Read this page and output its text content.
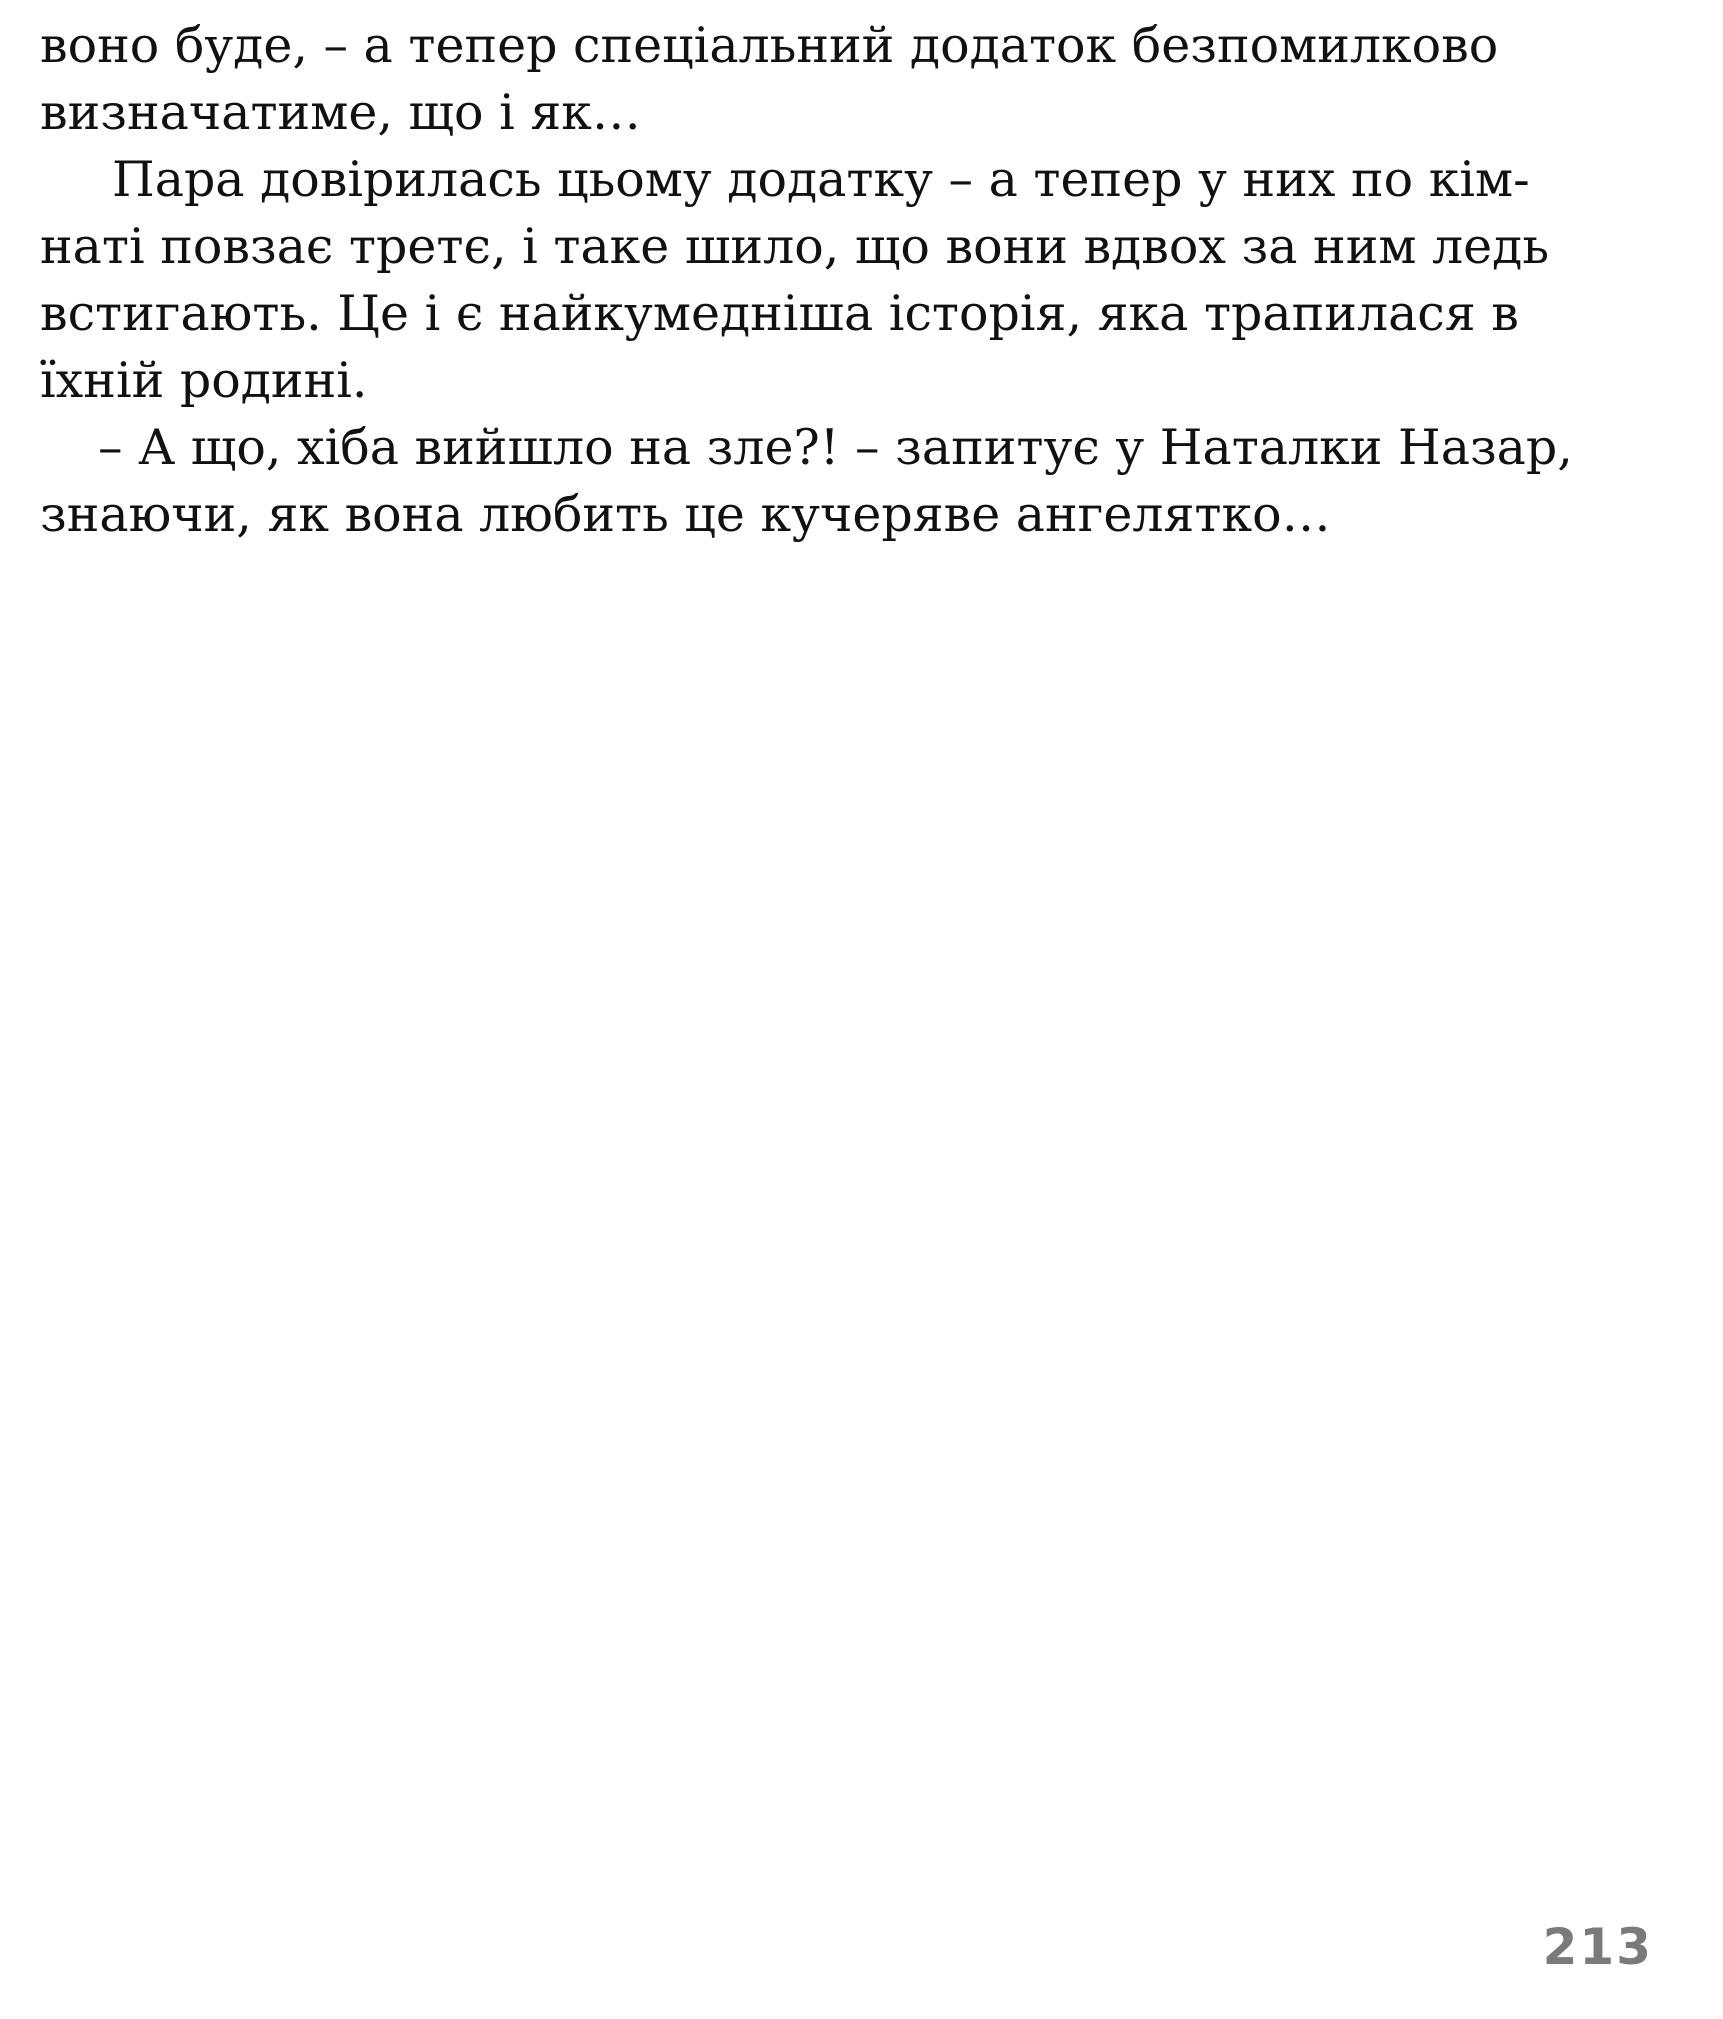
воно буде, – а тепер спеціальний додаток безпомилково
визначатиме, що і як…
Пара довірилась цьому додатку – а тепер у них по кім-
наті повзає третє, і таке шило, що вони вдвох за ним ледь
встигають. Це і є найкумедніша історія, яка трапилася в
їхній родині.
– А що, хіба вийшло на зле?! – запитує у Наталки Назар,
знаючи, як вона любить це кучеряве ангелятко…
213
